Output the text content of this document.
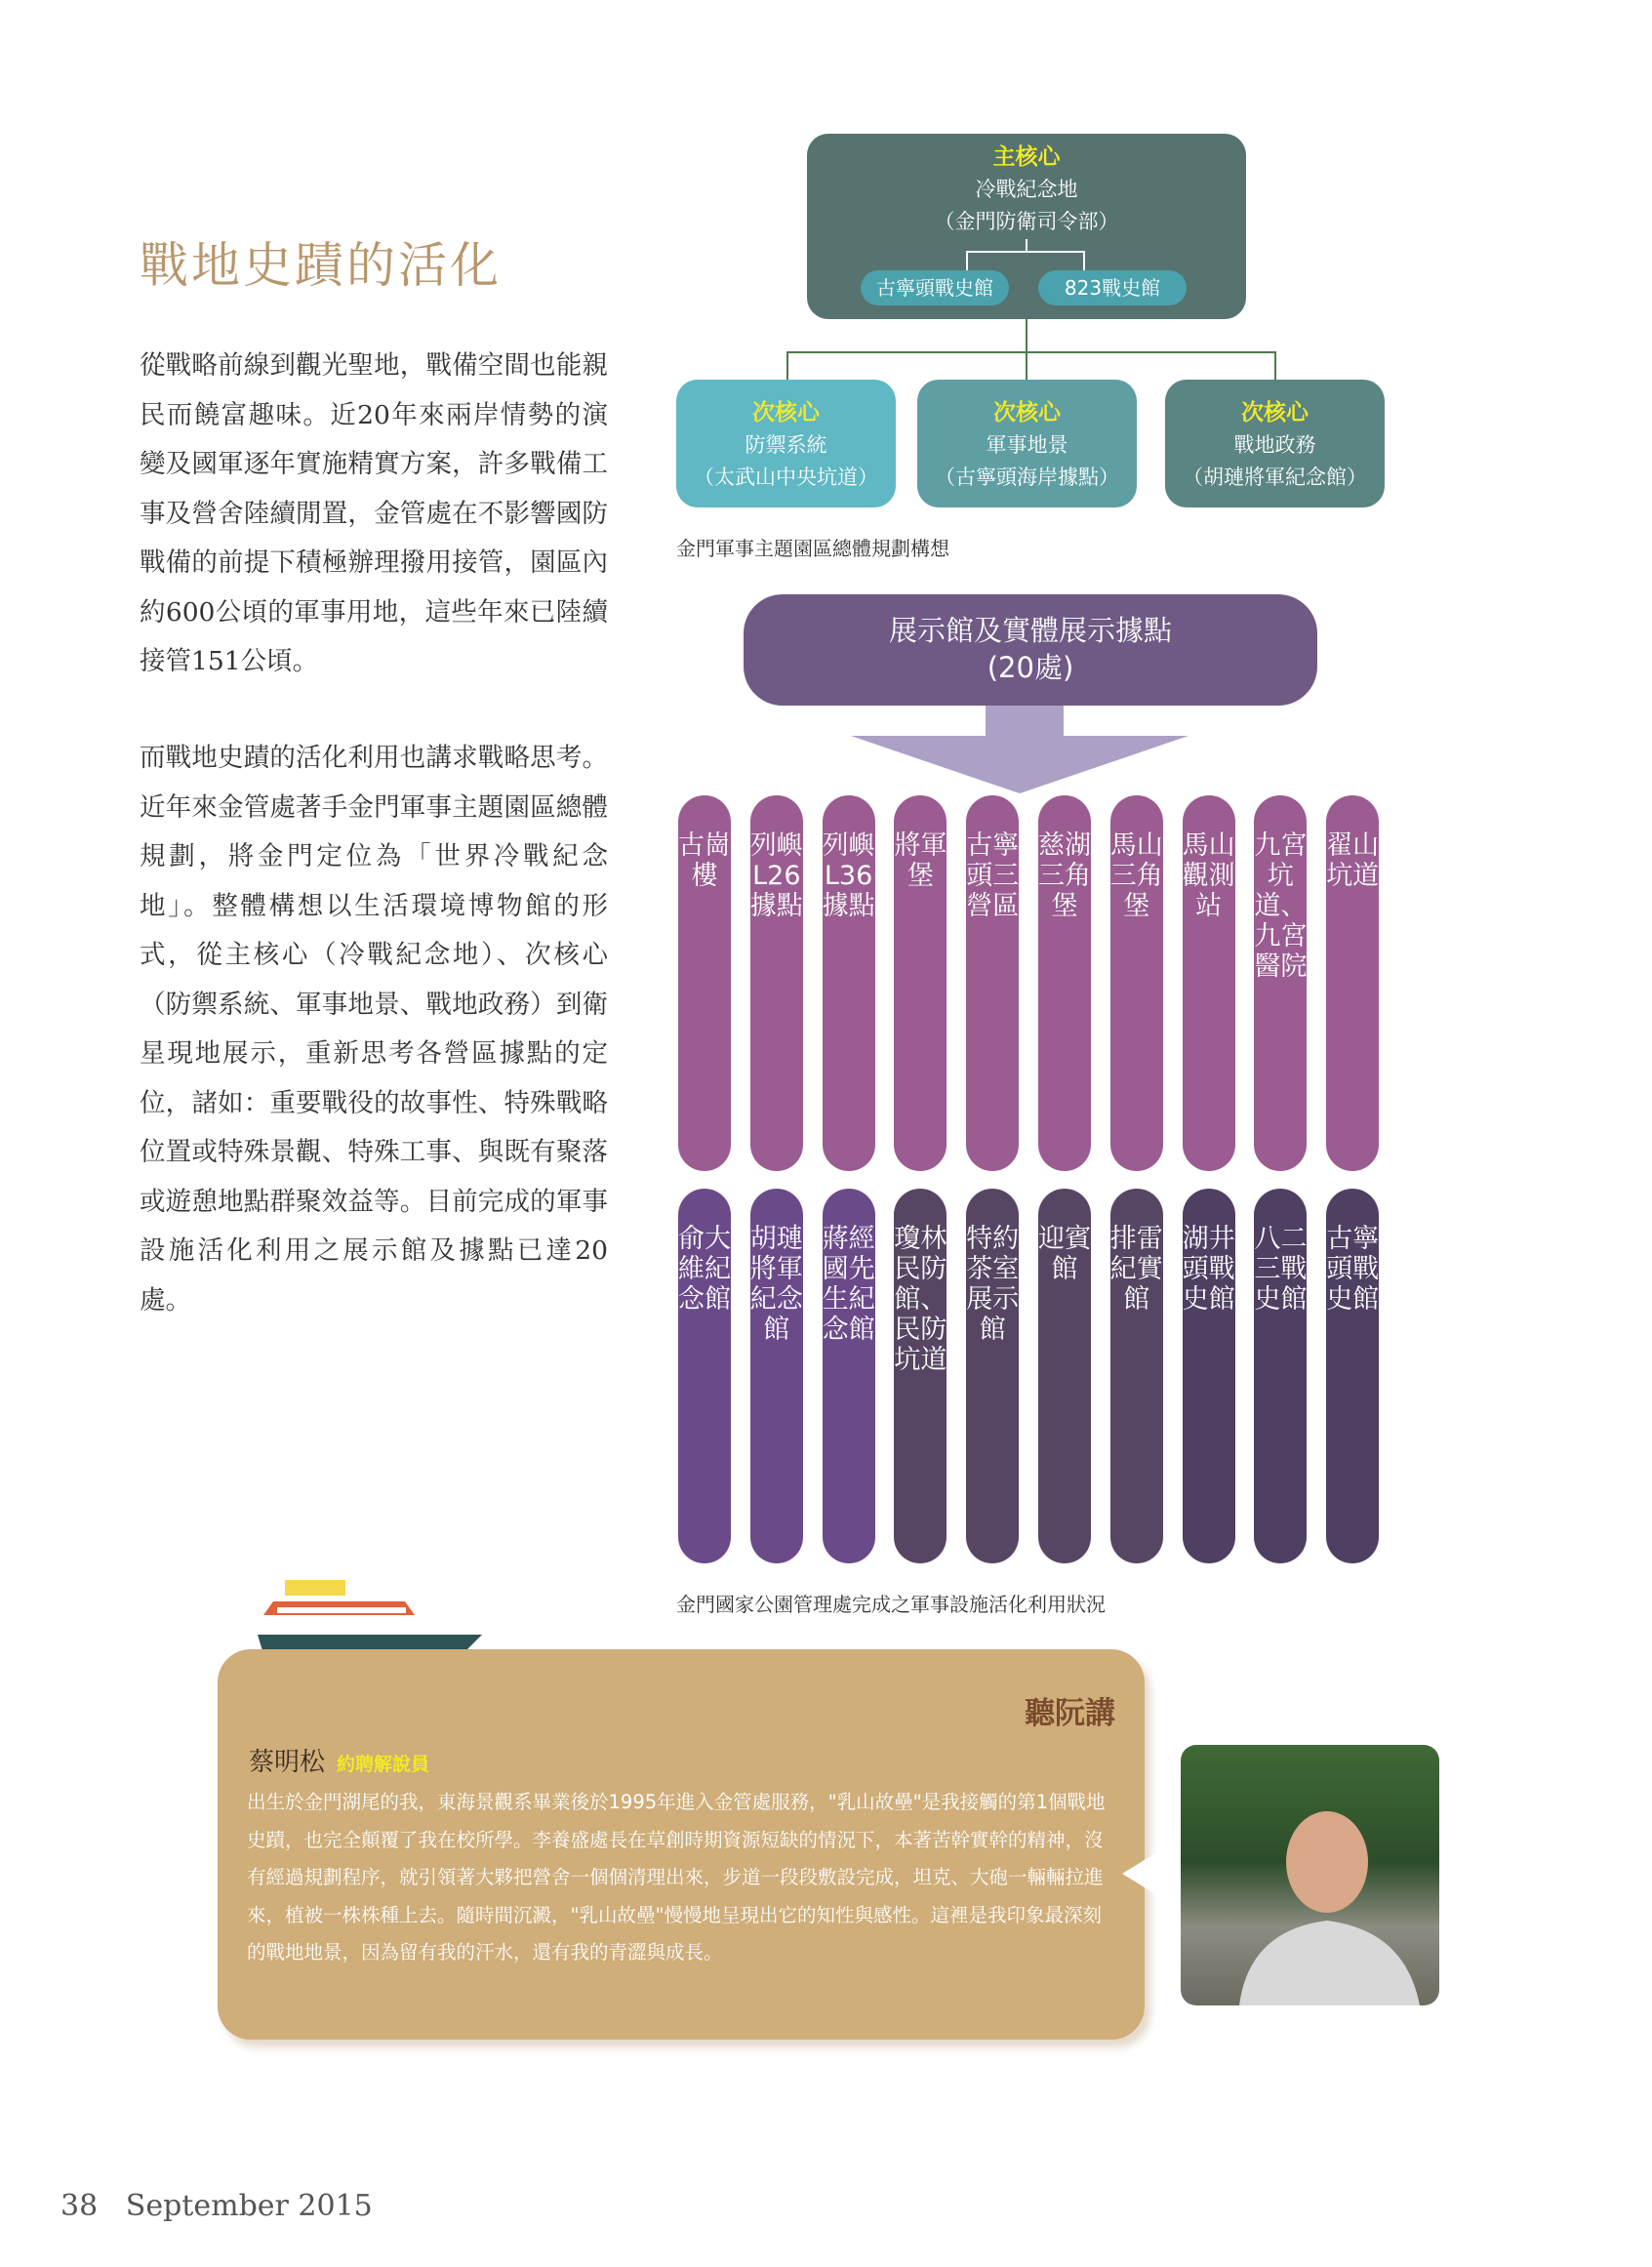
戰地史蹟的活化
從戰略前線到觀光聖地，戰備空間也能親民而饒富趣味。近20年來兩岸情勢的演變及國軍逐年實施精實方案，許多戰備工事及營舍陸續閒置，金管處在不影響國防戰備的前提下積極辦理撥用接管，園區內約600公頃的軍事用地，這些年來已陸續接管151公頃。
而戰地史蹟的活化利用也講求戰略思考。近年來金管處著手金門軍事主題園區總體規劃，將金門定位為「世界冷戰紀念地」。整體構想以生活環境博物館的形式，從主核心（冷戰紀念地）、次核心（防禦系統、軍事地景、戰地政務）到衛星現地展示，重新思考各營區據點的定位，諸如：重要戰役的故事性、特殊戰略位置或特殊景觀、特殊工事、與既有聚落或遊憩地點群聚效益等。目前完成的軍事設施活化利用之展示館及據點已達20處。
主核心
冷戰紀念地
（金門防衛司令部）
古寧頭戰史館	823戰史館
次核心
防禦系統
（太武山中央坑道）
次核心
軍事地景
（古寧頭海岸據點）
次核心
戰地政務
（胡璉將軍紀念館）
金門軍事主題園區總體規劃構想
展示館及實體展示據點
(20處)
古崗樓
列嶼L26據點
列嶼L36據點
將軍堡
古寧頭三營區
慈湖三角堡
馬山三角堡
馬山觀測站
九宮坑道、九宮醫院
翟山坑道
俞大維紀念館
胡璉將軍紀念館
蔣經國先生紀念館
瓊林民防館、民防坑道
特約茶室展示館
迎賓館
排雷紀實館
湖井頭戰史館
八二三戰史館
古寧頭戰史館
金門國家公園管理處完成之軍事設施活化利用狀況
聽阮講
蔡明松 約聘解說員
出生於金門湖尾的我，東海景觀系畢業後於1995年進入金管處服務，"乳山故壘"是我接觸的第1個戰地史蹟，也完全顛覆了我在校所學。李養盛處長在草創時期資源短缺的情況下，本著苦幹實幹的精神，沒有經過規劃程序，就引領著大夥把營舍一個個清理出來，步道一段段敷設完成，坦克、大砲一輛輛拉進來，植被一株株種上去。隨時間沉澱，"乳山故壘"慢慢地呈現出它的知性與感性。這裡是我印象最深刻的戰地地景，因為留有我的汗水，還有我的青澀與成長。
38 September 2015
